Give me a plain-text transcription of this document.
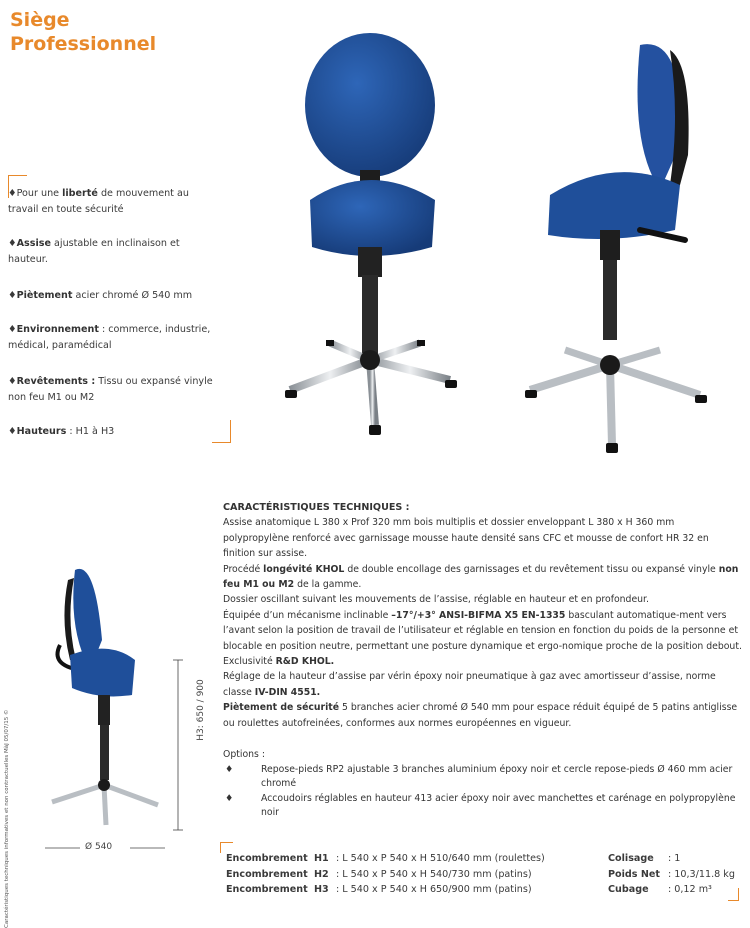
Siège
Professionnel

♦Pour une liberté de mouvement au travail en toute sécurité

♦Assise ajustable en inclinaison et hauteur.

♦Piètement acier chromé Ø 540 mm

♦Environnement : commerce, industrie, médical, paramédical

♦Revêtements : Tissu ou expansé vinyle non feu M1 ou M2

♦Hauteurs : H1 à H3

Caractéristiques techniques informatives et non contractuelles MàJ 05/07/15 ©	H3: 650 / 900
Ø 540
CARACTÉRISTIQUES TECHNIQUES :

Assise anatomique L 380 x Prof 320 mm bois multiplis et dossier enveloppant L 380 x H 360 mm polypropylène renforcé avec garnissage mousse haute densité sans CFC et mousse de confort HR 32 en finition sur assise.

Procédé longévité KHOL de double encollage des garnissages et du revêtement tissu ou expansé vinyle non feu M1 ou M2 de la gamme.

Dossier oscillant suivant les mouvements de l’assise, réglable en hauteur et en profondeur.

Équipée d’un mécanisme inclinable –17°/+3° ANSI-BIFMA X5 EN-1335 basculant automatique-ment vers l’avant selon la position de travail de l’utilisateur et réglable en tension en fonction du poids de la personne et blocable en position neutre, permettant une posture dynamique et ergo-nomique proche de la position debout. Exclusivité R&D KHOL.

Réglage de la hauteur d’assise par vérin époxy noir pneumatique à gaz avec amortisseur d’assise, norme classe IV-DIN 4551.

Piètement de sécurité 5 branches acier chromé Ø 540 mm pour espace réduit équipé de 5 patins antiglisse ou roulettes autofreinées, conformes aux normes européennes en vigueur.

Options :
♦	Repose-pieds RP2 ajustable 3 branches aluminium époxy noir et cercle repose-pieds Ø 460 mm acier chromé
♦	Accoudoirs réglables en hauteur 413 acier époxy noir avec manchettes et carénage en polypropylène noir
Encombrement H1 : L 540 x P 540 x H 510/640 mm (roulettes)
Encombrement H2 : L 540 x P 540 x H 540/730 mm (patins)
Encombrement H3 : L 540 x P 540 x H 650/900 mm (patins)
Colisage : 1
Poids Net : 10,3/11.8 kg
Cubage : 0,12 m³
